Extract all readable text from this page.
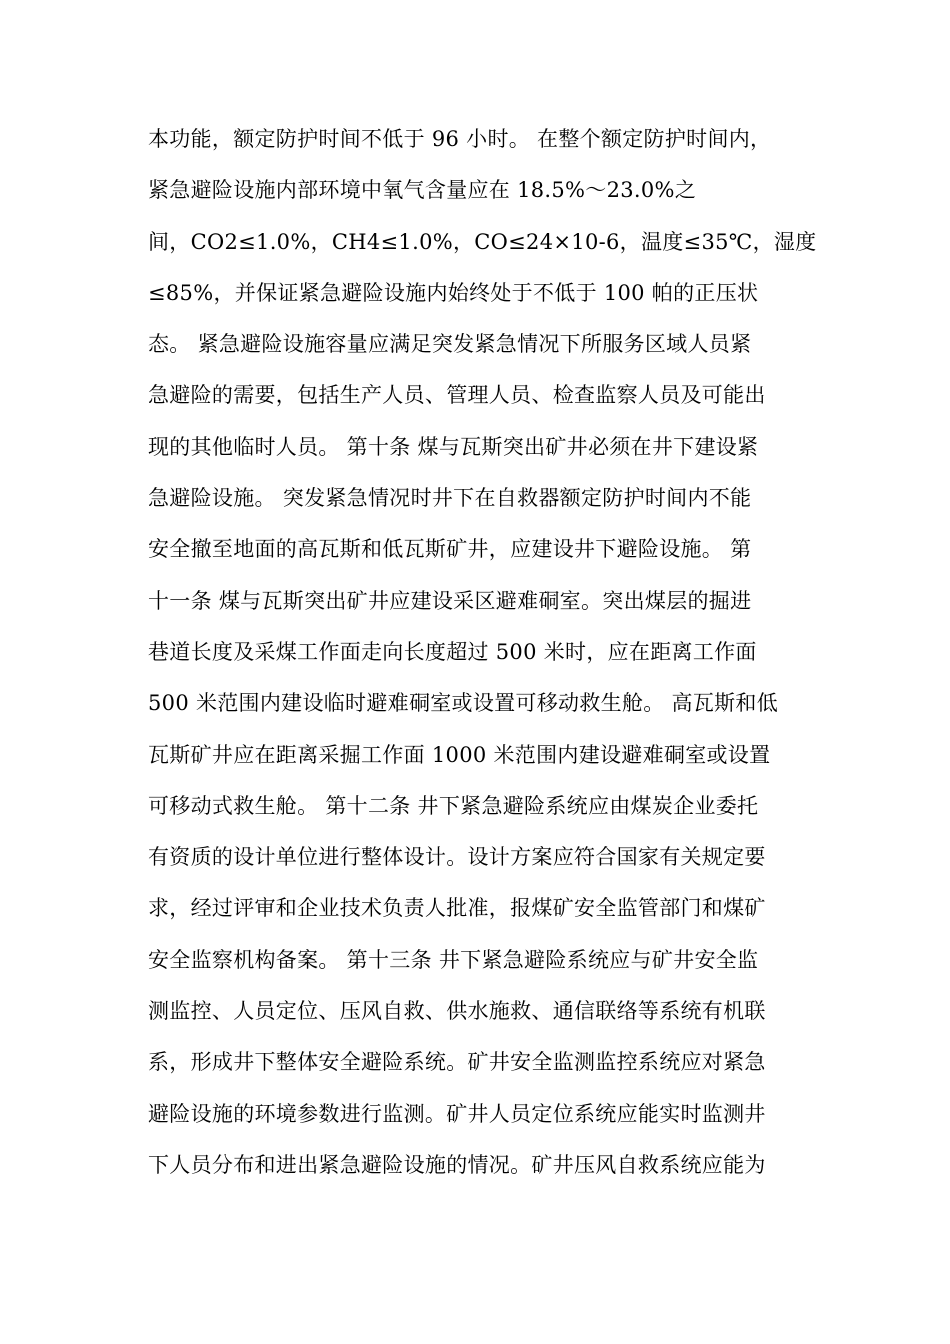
本功能，额定防护时间不低于 96 小时。 在整个额定防护时间内，
紧急避险设施内部环境中氧气含量应在 18.5%～23.0%之
间，CO2≤1.0%，CH4≤1.0%，CO≤24×10-6，温度≤35℃，湿度
≤85%，并保证紧急避险设施内始终处于不低于 100 帕的正压状
态。 紧急避险设施容量应满足突发紧急情况下所服务区域人员紧
急避险的需要，包括生产人员、管理人员、检查监察人员及可能出
现的其他临时人员。 第十条 煤与瓦斯突出矿井必须在井下建设紧
急避险设施。 突发紧急情况时井下在自救器额定防护时间内不能
安全撤至地面的高瓦斯和低瓦斯矿井，应建设井下避险设施。 第
十一条 煤与瓦斯突出矿井应建设采区避难硐室。突出煤层的掘进
巷道长度及采煤工作面走向长度超过 500 米时，应在距离工作面
500 米范围内建设临时避难硐室或设置可移动救生舱。 高瓦斯和低
瓦斯矿井应在距离采掘工作面 1000 米范围内建设避难硐室或设置
可移动式救生舱。 第十二条 井下紧急避险系统应由煤炭企业委托
有资质的设计单位进行整体设计。设计方案应符合国家有关规定要
求，经过评审和企业技术负责人批准，报煤矿安全监管部门和煤矿
安全监察机构备案。 第十三条 井下紧急避险系统应与矿井安全监
测监控、人员定位、压风自救、供水施救、通信联络等系统有机联
系，形成井下整体安全避险系统。矿井安全监测监控系统应对紧急
避险设施的环境参数进行监测。矿井人员定位系统应能实时监测井
下人员分布和进出紧急避险设施的情况。矿井压风自救系统应能为
